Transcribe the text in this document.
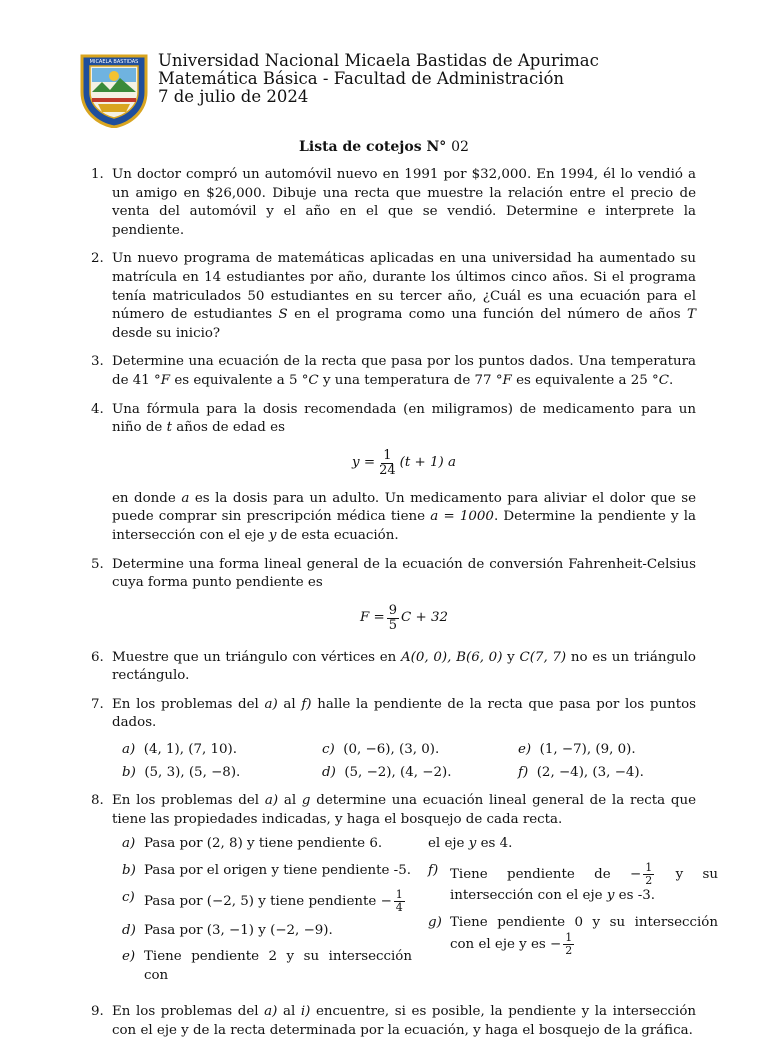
MICAELA BASTIDAS Universidad Nacional Micaela Bastidas de Apurimac
Matemática Básica - Facultad de Administración
7 de julio de 2024
Lista de cotejos N° 02
1. Un doctor compró un automóvil nuevo en 1991 por $32,000. En 1994, él lo vendió a un amigo en $26,000. Dibuje una recta que muestre la relación entre el precio de venta del automóvil y el año en el que se vendió. Determine e interprete la pendiente.
2. Un nuevo programa de matemáticas aplicadas en una universidad ha aumentado su matrícula en 14 estudiantes por año, durante los últimos cinco años. Si el programa tenía matriculados 50 estudiantes en su tercer año, ¿Cuál es una ecuación para el número de estudiantes S en el programa como una función del número de años T desde su inicio?
3. Determine una ecuación de la recta que pasa por los puntos dados. Una temperatura de 41 °F es equivalente a 5 °C y una temperatura de 77 °F es equivalente a 25 °C.
4. Una fórmula para la dosis recomendada (en miligramos) de medicamento para un niño de t años de edad es
$y = \frac{1}{24} (t + 1)$ a
en donde a es la dosis para un adulto. Un medicamento para aliviar el dolor que se puede comprar sin prescripción médica tiene a = 1000. Determine la pendiente y la intersección con el eje y de esta ecuación.
5. Determine una forma lineal general de la ecuación de conversión Fahrenheit-Celsius cuya forma punto pendiente es
$F = \frac{9}{5}$ C + 32
6. Muestre que un triángulo con vértices en A(0, 0), B(6, 0) y C(7, 7) no es un triángulo rectángulo.
7. En los problemas del a) al f) halle la pendiente de la recta que pasa por los puntos dados.
a) (4, 1), (7, 10).	c) (0, −6), (3, 0).	e) (1, −7), (9, 0).
b) (5, 3), (5, −8).	d) (5, −2), (4, −2).	f) (2, −4), (3, −4).
8. En los problemas del a) al g determine una ecuación lineal general de la recta que tiene las propiedades indicadas, y haga el bosquejo de cada recta.
a) Pasa por (2, 8) y tiene pendiente 6.
b) Pasa por el origen y tiene pendiente -5.
c) Pasa por (−2, 5) y tiene pendiente − $\frac{1}{4}$
d) Pasa por (3, −1) y (−2, −9).
e) Tiene pendiente 2 y su intersección con
el eje y es 4.
f) Tiene pendiente de − $\frac{1}{2}$ y su intersección con el eje y es -3.
g) Tiene pendiente 0 y su intersección con el eje y es − $\frac{1}{2}$
9. En los problemas del a) al i) encuentre, si es posible, la pendiente y la intersección con el eje y de la recta determinada por la ecuación, y haga el bosquejo de la gráfica.
